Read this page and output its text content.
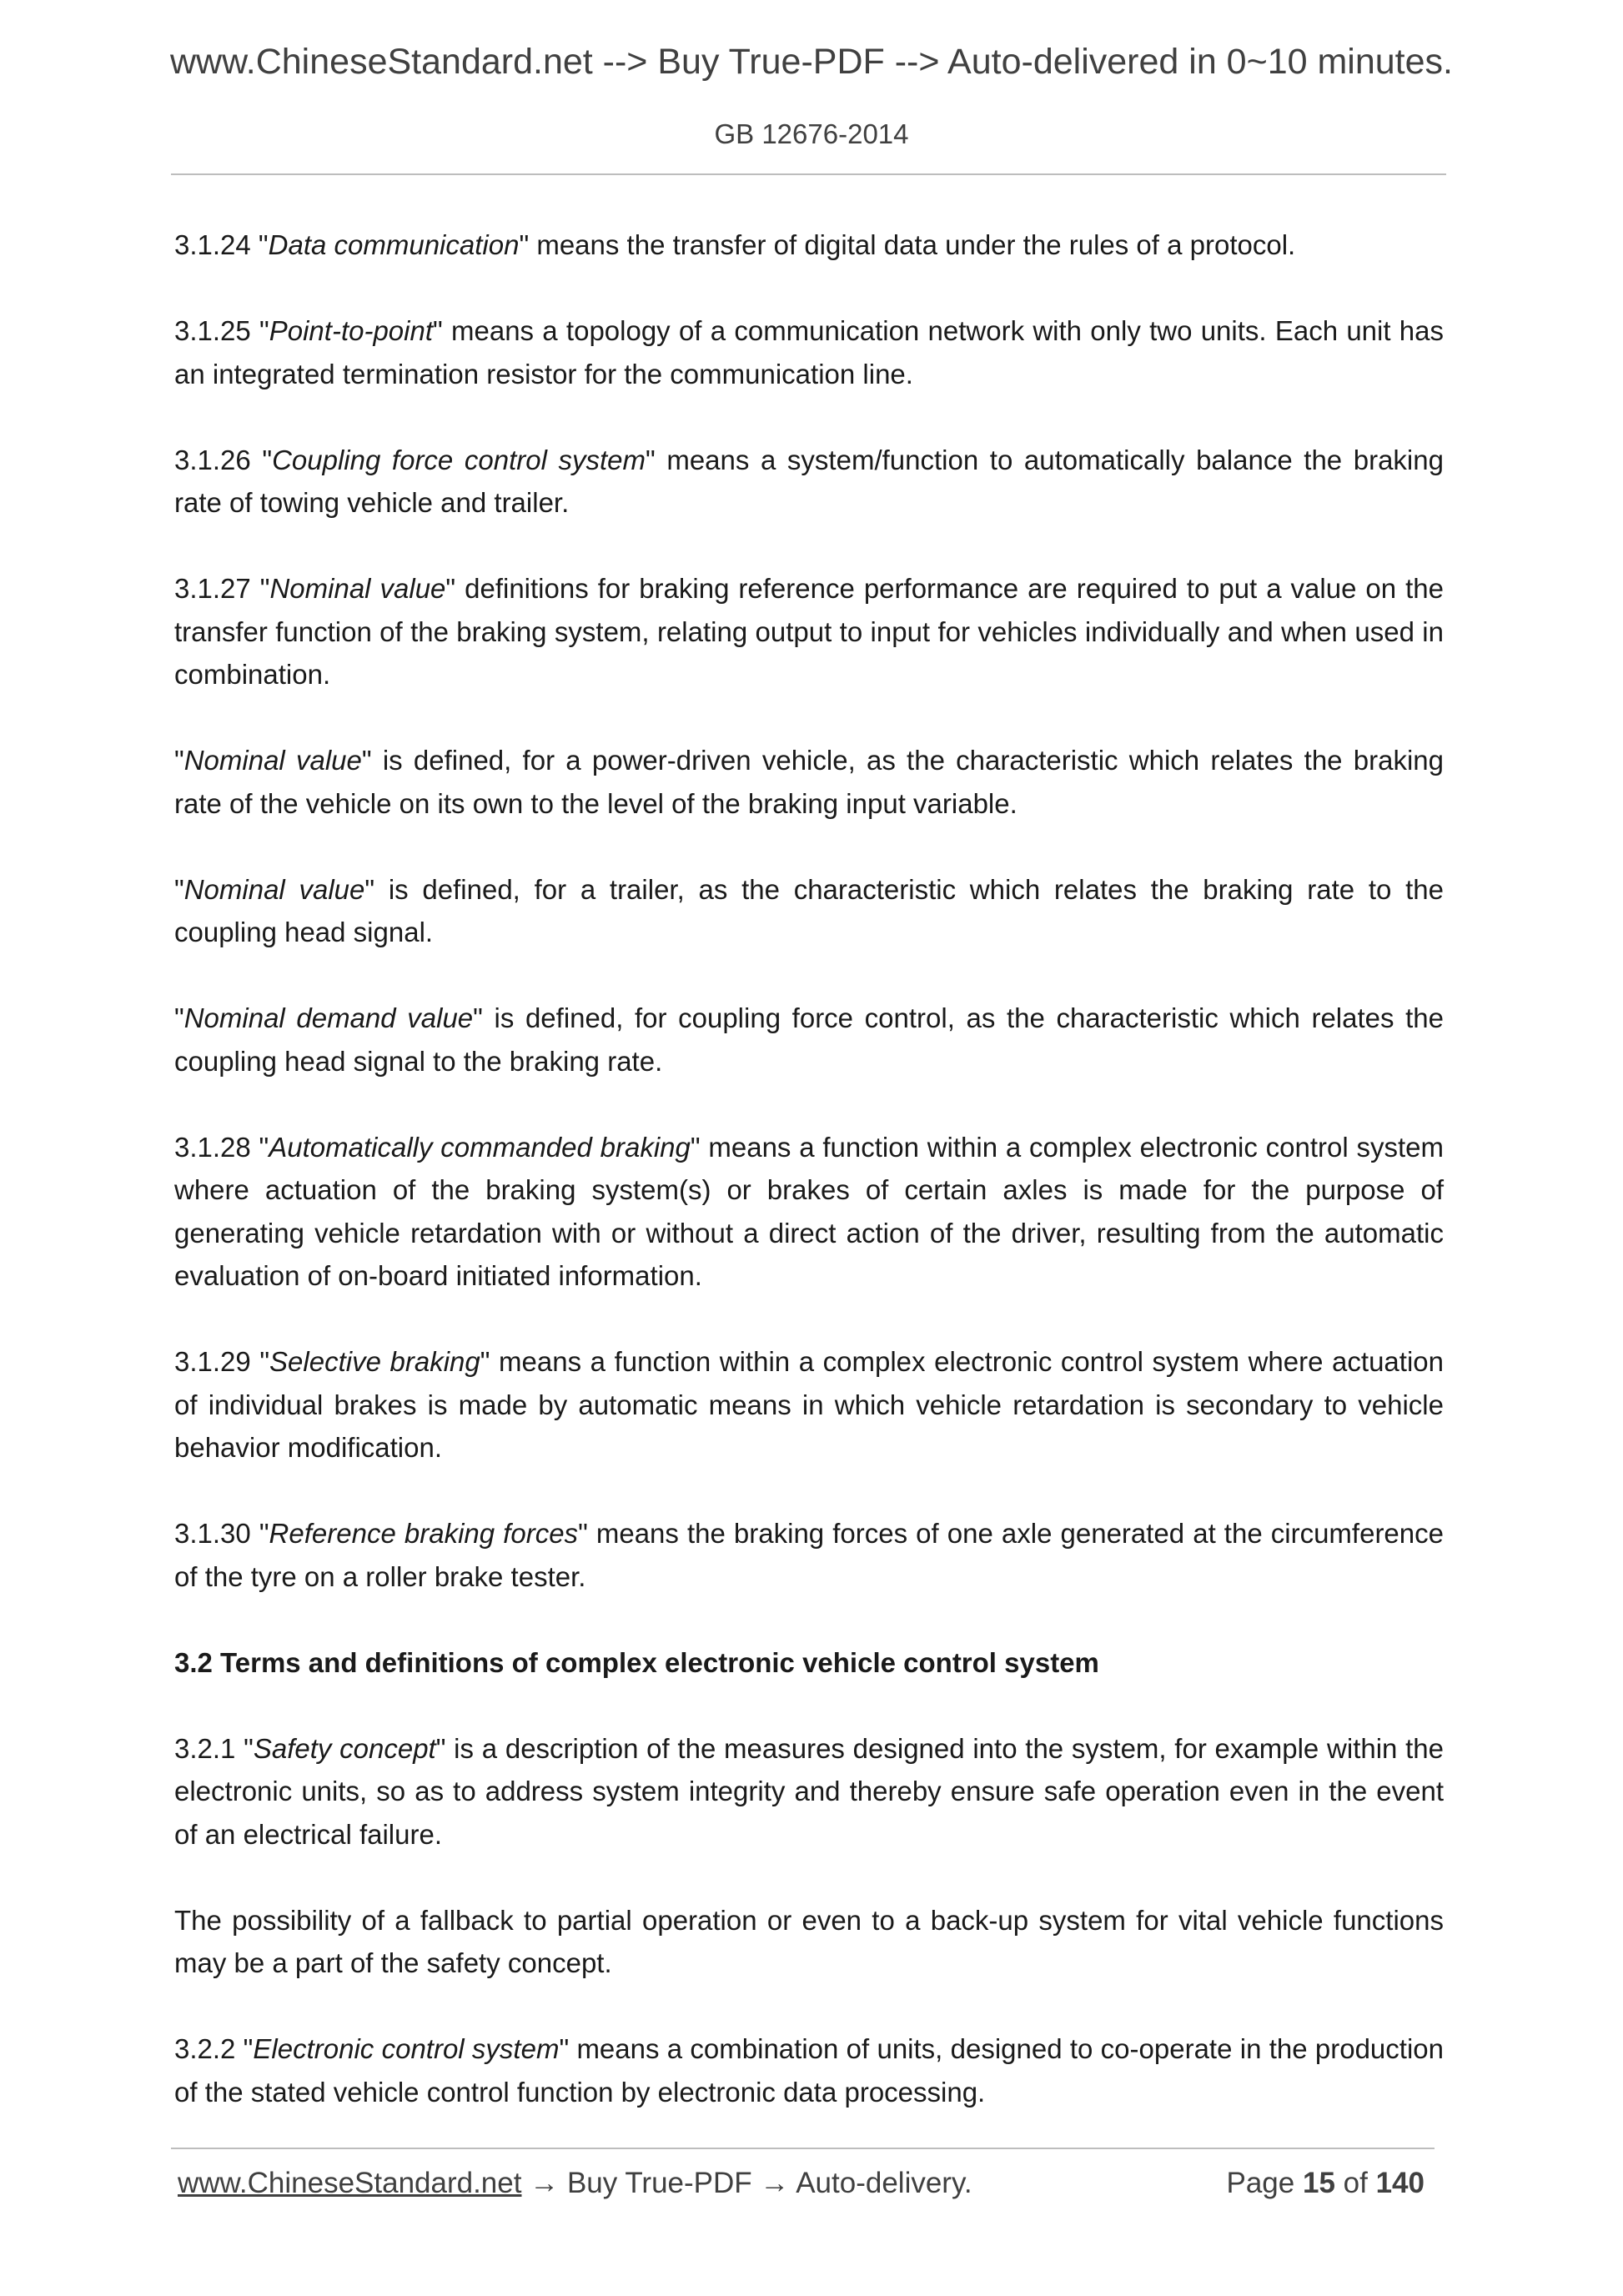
www.ChineseStandard.net --> Buy True-PDF --> Auto-delivered in 0~10 minutes.
GB 12676-2014

3.1.24 "Data communication" means the transfer of digital data under the rules of a protocol.

3.1.25 "Point-to-point" means a topology of a communication network with only two units. Each unit has an integrated termination resistor for the communication line.

3.1.26 "Coupling force control system" means a system/function to automatically balance the braking rate of towing vehicle and trailer.

3.1.27 "Nominal value" definitions for braking reference performance are required to put a value on the transfer function of the braking system, relating output to input for vehicles individually and when used in combination.

"Nominal value" is defined, for a power-driven vehicle, as the characteristic which relates the braking rate of the vehicle on its own to the level of the braking input variable.

"Nominal value" is defined, for a trailer, as the characteristic which relates the braking rate to the coupling head signal.

"Nominal demand value" is defined, for coupling force control, as the characteristic which relates the coupling head signal to the braking rate.

3.1.28 "Automatically commanded braking" means a function within a complex electronic control system where actuation of the braking system(s) or brakes of certain axles is made for the purpose of generating vehicle retardation with or without a direct action of the driver, resulting from the automatic evaluation of on-board initiated information.

3.1.29 "Selective braking" means a function within a complex electronic control system where actuation of individual brakes is made by automatic means in which vehicle retardation is secondary to vehicle behavior modification.

3.1.30 "Reference braking forces" means the braking forces of one axle generated at the circumference of the tyre on a roller brake tester.

3.2 Terms and definitions of complex electronic vehicle control system

3.2.1 "Safety concept" is a description of the measures designed into the system, for example within the electronic units, so as to address system integrity and thereby ensure safe operation even in the event of an electrical failure.

The possibility of a fallback to partial operation or even to a back-up system for vital vehicle functions may be a part of the safety concept.

3.2.2 "Electronic control system" means a combination of units, designed to co-operate in the production of the stated vehicle control function by electronic data processing.

www.ChineseStandard.net → Buy True-PDF → Auto-delivery.	Page 15 of 140
